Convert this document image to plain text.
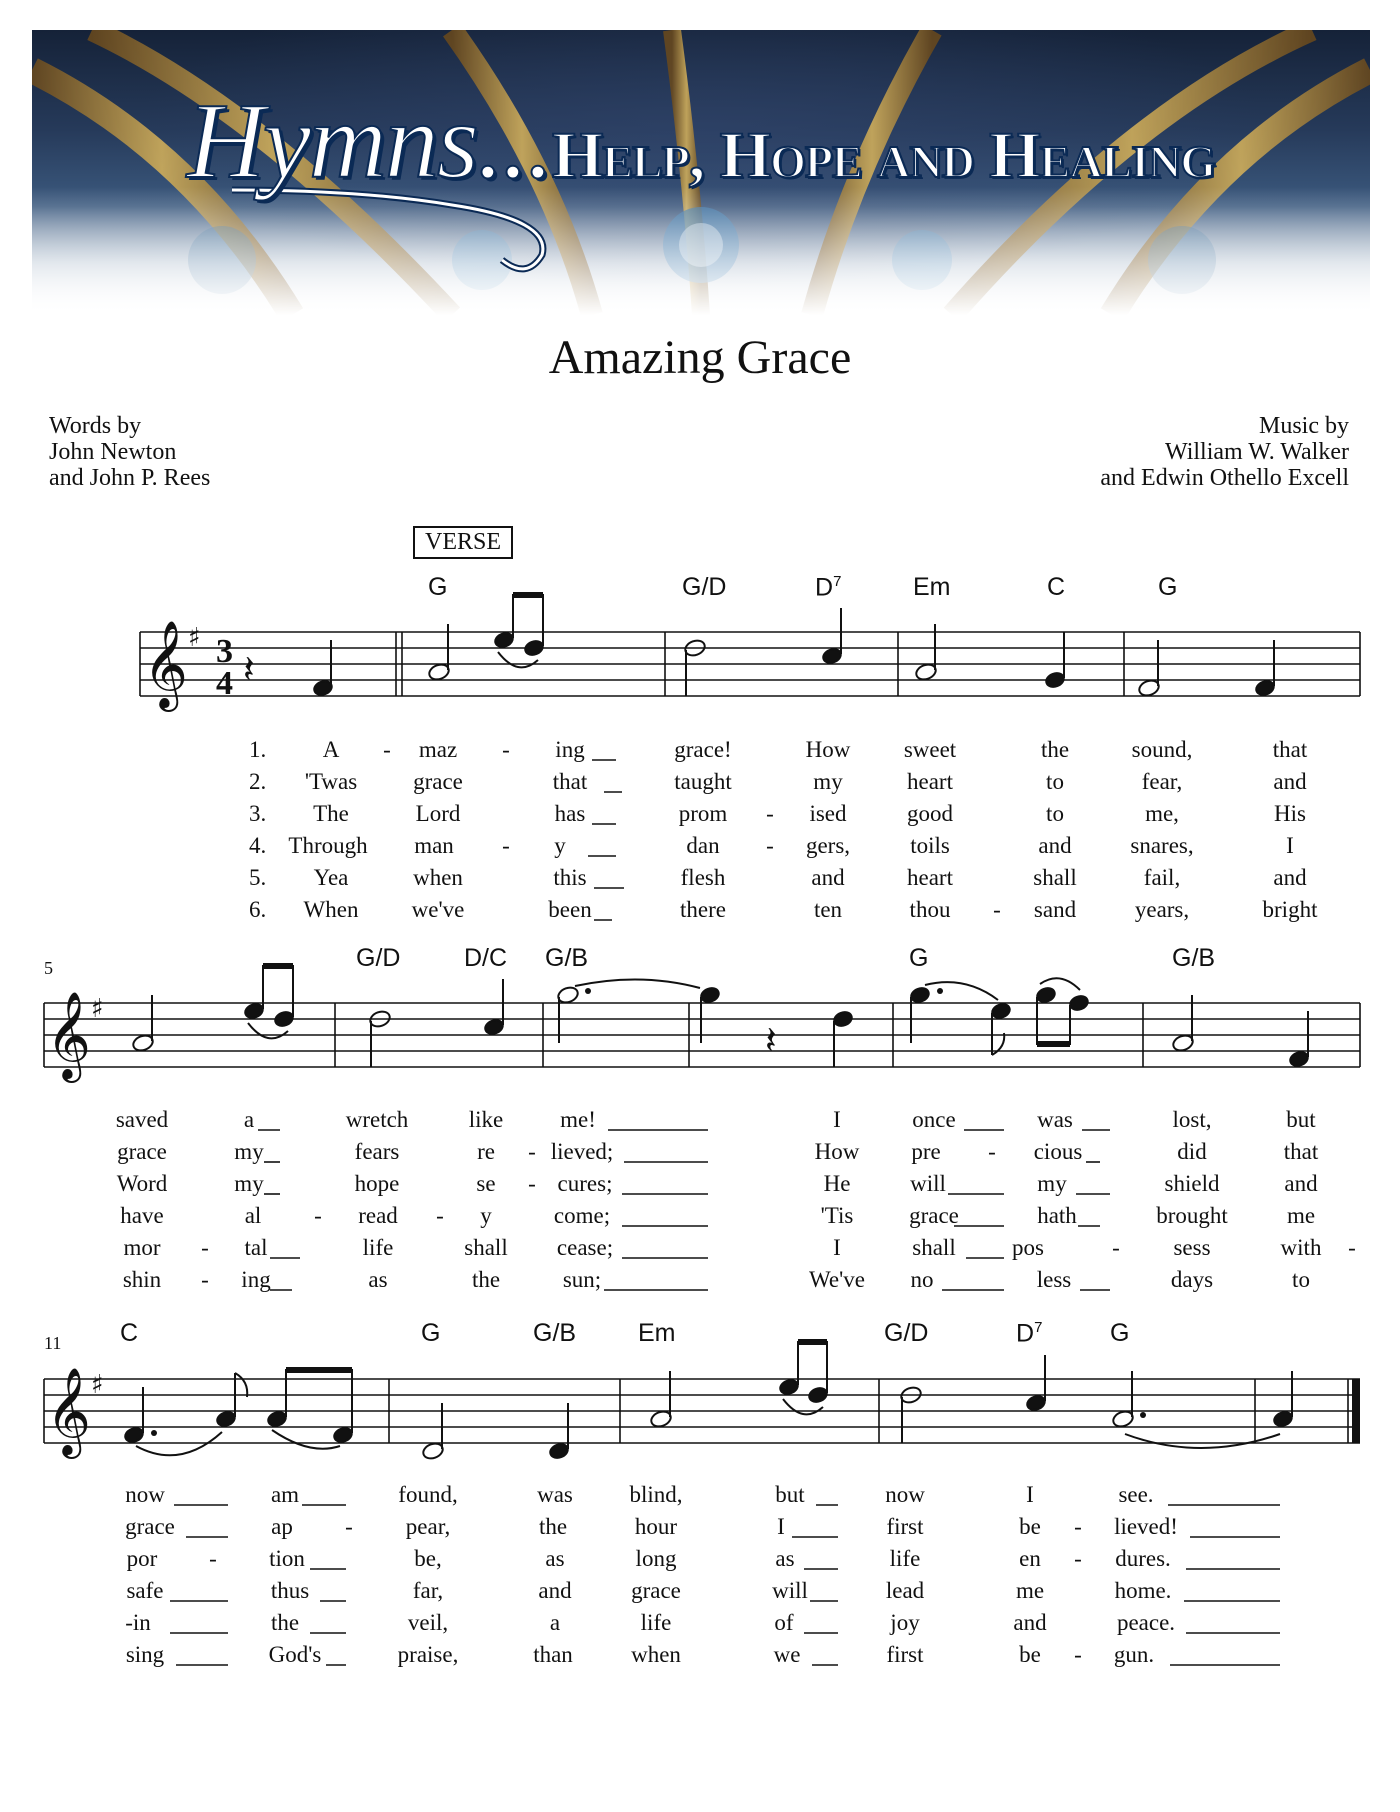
Hymns...Help, Hope and Healing
Amazing Grace
Words by
John Newton
and John P. Rees
Music by
William W. Walker
and Edwin Othello Excell
VERSE
G	G/D	$D^7$	Em	C	G
5	G/D	D/C G/B	G	G/B
11 C	G	G/B Em	G/D	$D^7$	G
𝄞
𝄞
𝄞
♯
♯
♯
3
4 𝄽
𝄽
1.
2.
3.
4.
5.
6.
A - maz - ing	grace!	How sweet	the	sound,	that
'Twas grace	that	taught	my	heart	to	fear,	and
The	Lord	has	prom - ised	good	to	me,	His
Through man - y	dan - gers,	toils	and	snares,	I
Yea	when	this	flesh	and	heart	shall	fail,	and
When we've	been	there	ten	thou - sand	years,	bright
saved	a	wretch	like me!	I	once	was	lost,	but
grace	my	fears	re - lieved;	How pre - cious	did	that
Word	my	hope	se - cures;	He	will	my	shield	and
have	al - read - y	come;	'Tis grace	hath	brought	me
mor - tal	life	shall cease;	I	shall pos	- sess	with -
shin - ing	as	the	sun;	We've no	less	days	to
now	am	found,	was blind,	but	now	I	see.
grace	ap - pear,	the	hour	I	first	be - lieved!
por - tion	be,	as	long	as	life	en - dures.
safe	thus	far,	and	grace	will	lead	me	home.
-in	the	veil,	a	life	of	joy	and	peace.
sing	God's	praise,	than	when	we	first	be - gun.
